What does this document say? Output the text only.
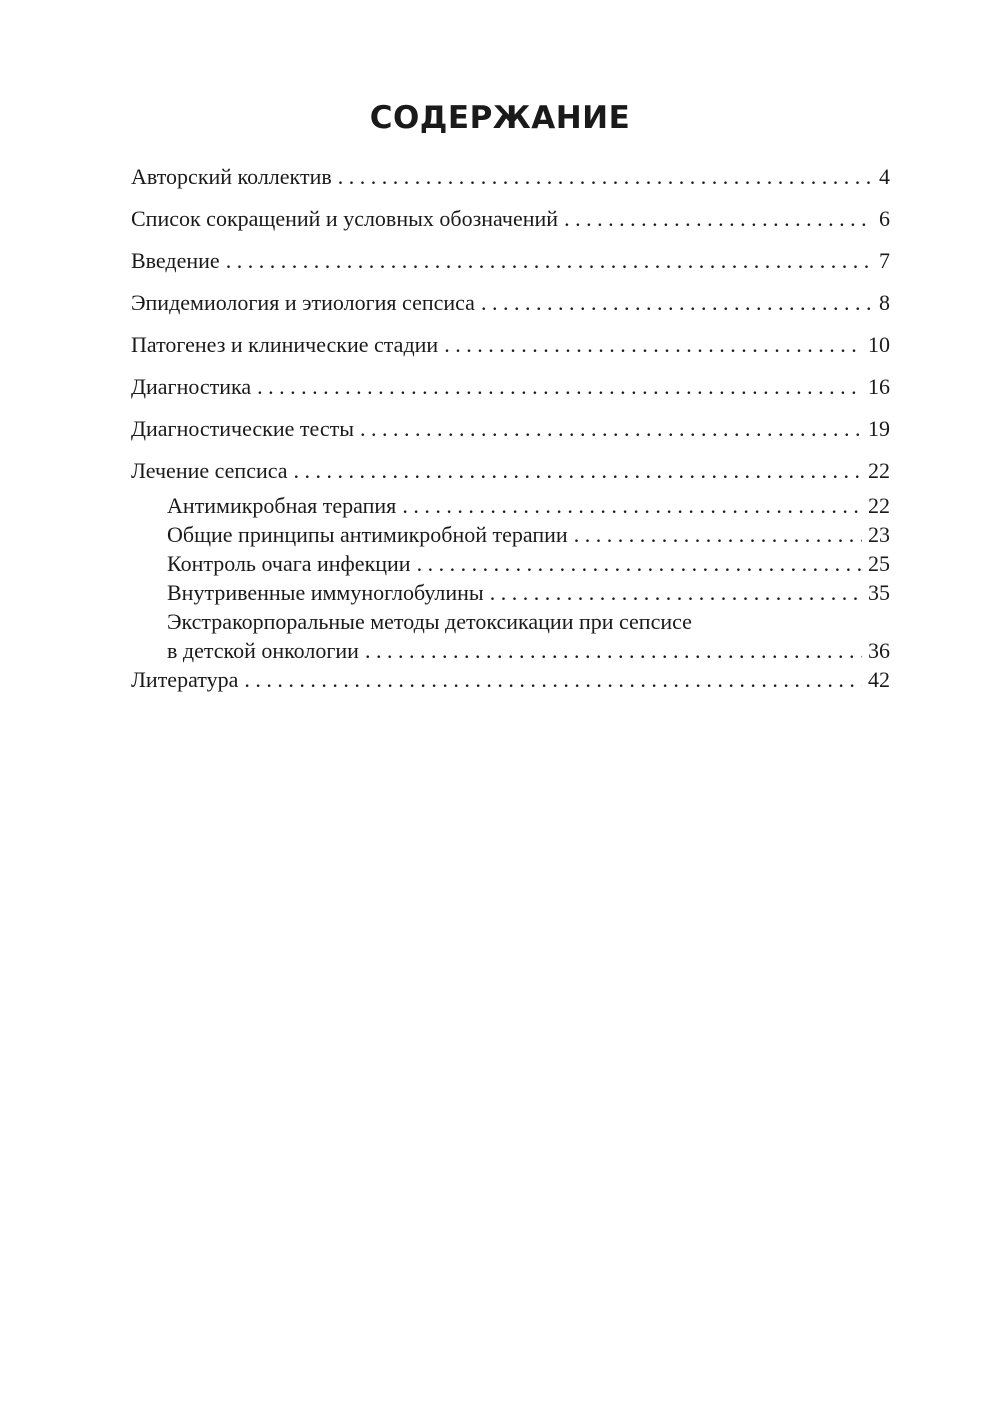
СОДЕРЖАНИЕ
Авторский коллектив . . .	4
Список сокращений и условных обозначений . . .	6
Введение . . .	7
Эпидемиология и этиология сепсиса . . .	8
Патогенез и клинические стадии . . .	10
Диагностика . . .	16
Диагностические тесты . . .	19
Лечение сепсиса . . .	22
Антимикробная терапия . . .	22
Общие принципы антимикробной терапии . . .	23
Контроль очага инфекции . . .	25
Внутривенные иммуноглобулины . . .	35
Экстракорпоральные методы детоксикации при сепсисе
в детской онкологии . . .	36
Литература . . .	42
